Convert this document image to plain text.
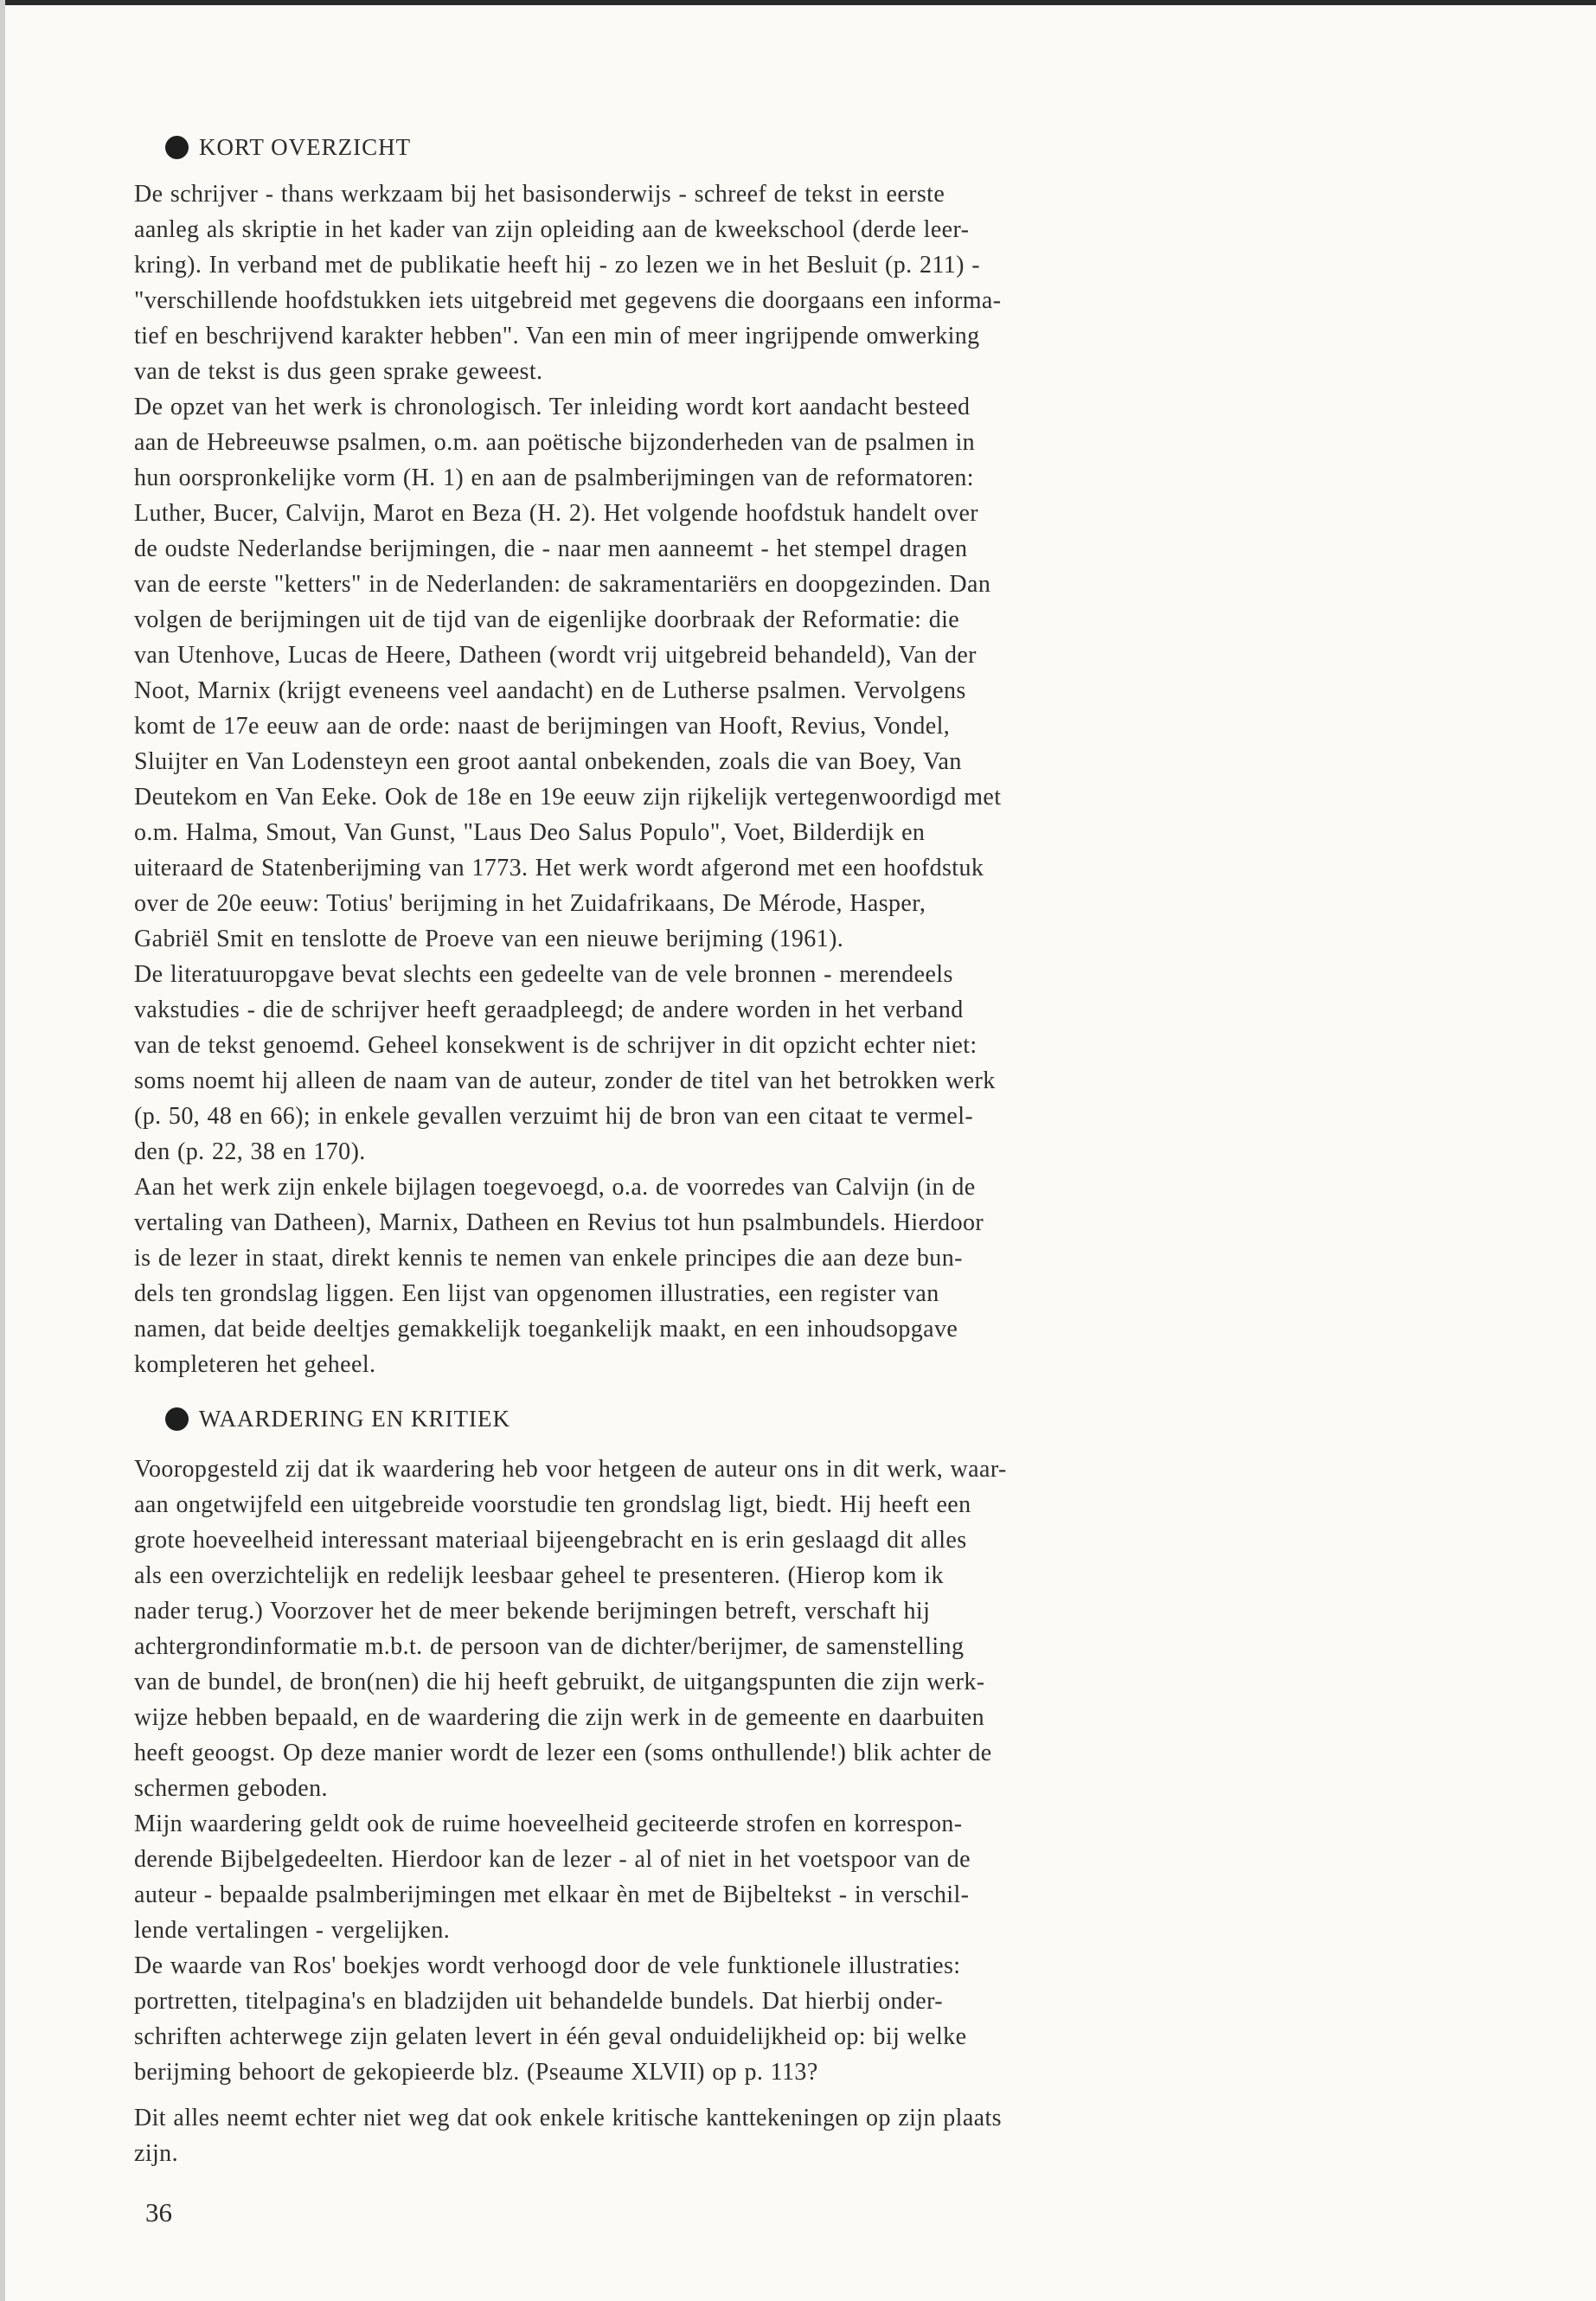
KORT OVERZICHT
De schrijver - thans werkzaam bij het basisonderwijs - schreef de tekst in eerste
aanleg als skriptie in het kader van zijn opleiding aan de kweekschool (derde leer-
kring). In verband met de publikatie heeft hij - zo lezen we in het Besluit (p. 211) -
"verschillende hoofdstukken iets uitgebreid met gegevens die doorgaans een informa-
tief en beschrijvend karakter hebben". Van een min of meer ingrijpende omwerking
van de tekst is dus geen sprake geweest.
De opzet van het werk is chronologisch. Ter inleiding wordt kort aandacht besteed
aan de Hebreeuwse psalmen, o.m. aan poëtische bijzonderheden van de psalmen in
hun oorspronkelijke vorm (H. 1) en aan de psalmberijmingen van de reformatoren:
Luther, Bucer, Calvijn, Marot en Beza (H. 2). Het volgende hoofdstuk handelt over
de oudste Nederlandse berijmingen, die - naar men aanneemt - het stempel dragen
van de eerste "ketters" in de Nederlanden: de sakramentariërs en doopgezinden. Dan
volgen de berijmingen uit de tijd van de eigenlijke doorbraak der Reformatie: die
van Utenhove, Lucas de Heere, Datheen (wordt vrij uitgebreid behandeld), Van der
Noot, Marnix (krijgt eveneens veel aandacht) en de Lutherse psalmen. Vervolgens
komt de 17e eeuw aan de orde: naast de berijmingen van Hooft, Revius, Vondel,
Sluijter en Van Lodensteyn een groot aantal onbekenden, zoals die van Boey, Van
Deutekom en Van Eeke. Ook de 18e en 19e eeuw zijn rijkelijk vertegenwoordigd met
o.m. Halma, Smout, Van Gunst, "Laus Deo Salus Populo", Voet, Bilderdijk en
uiteraard de Statenberijming van 1773. Het werk wordt afgerond met een hoofdstuk
over de 20e eeuw: Totius' berijming in het Zuidafrikaans, De Mérode, Hasper,
Gabriël Smit en tenslotte de Proeve van een nieuwe berijming (1961).
De literatuuropgave bevat slechts een gedeelte van de vele bronnen - merendeels
vakstudies - die de schrijver heeft geraadpleegd; de andere worden in het verband
van de tekst genoemd. Geheel konsekwent is de schrijver in dit opzicht echter niet:
soms noemt hij alleen de naam van de auteur, zonder de titel van het betrokken werk
(p. 50, 48 en 66); in enkele gevallen verzuimt hij de bron van een citaat te vermel-
den (p. 22, 38 en 170).
Aan het werk zijn enkele bijlagen toegevoegd, o.a. de voorredes van Calvijn (in de
vertaling van Datheen), Marnix, Datheen en Revius tot hun psalmbundels. Hierdoor
is de lezer in staat, direkt kennis te nemen van enkele principes die aan deze bun-
dels ten grondslag liggen. Een lijst van opgenomen illustraties, een register van
namen, dat beide deeltjes gemakkelijk toegankelijk maakt, en een inhoudsopgave
kompleteren het geheel.
WAARDERING EN KRITIEK
Vooropgesteld zij dat ik waardering heb voor hetgeen de auteur ons in dit werk, waar-
aan ongetwijfeld een uitgebreide voorstudie ten grondslag ligt, biedt. Hij heeft een
grote hoeveelheid interessant materiaal bijeengebracht en is erin geslaagd dit alles
als een overzichtelijk en redelijk leesbaar geheel te presenteren. (Hierop kom ik
nader terug.) Voorzover het de meer bekende berijmingen betreft, verschaft hij
achtergrondinformatie m.b.t. de persoon van de dichter/berijmer, de samenstelling
van de bundel, de bron(nen) die hij heeft gebruikt, de uitgangspunten die zijn werk-
wijze hebben bepaald, en de waardering die zijn werk in de gemeente en daarbuiten
heeft geoogst. Op deze manier wordt de lezer een (soms onthullende!) blik achter de
schermen geboden.
Mijn waardering geldt ook de ruime hoeveelheid geciteerde strofen en korrespon-
derende Bijbelgedeelten. Hierdoor kan de lezer - al of niet in het voetspoor van de
auteur - bepaalde psalmberijmingen met elkaar èn met de Bijbeltekst - in verschil-
lende vertalingen - vergelijken.
De waarde van Ros' boekjes wordt verhoogd door de vele funktionele illustraties:
portretten, titelpagina's en bladzijden uit behandelde bundels. Dat hierbij onder-
schriften achterwege zijn gelaten levert in één geval onduidelijkheid op: bij welke
berijming behoort de gekopieerde blz. (Pseaume XLVII) op p. 113?
Dit alles neemt echter niet weg dat ook enkele kritische kanttekeningen op zijn plaats
zijn.
36
